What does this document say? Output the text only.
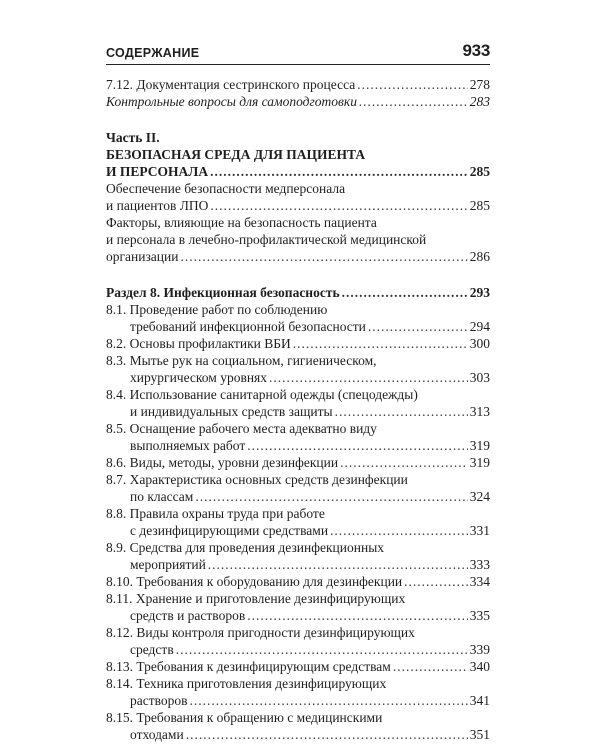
СОДЕРЖАНИЕ	933
7.12. Документация сестринского процесса .....	278
Контрольные вопросы для самоподготовки .....	283
Часть II.
БЕЗОПАСНАЯ СРЕДА ДЛЯ ПАЦИЕНТА
И ПЕРСОНАЛА .....	285
Обеспечение безопасности медперсонала
и пациентов ЛПО .....	285
Факторы, влияющие на безопасность пациента
и персонала в лечебно-профилактической медицинской
организации .....	286
Раздел 8. Инфекционная безопасность .....	293
8.1. Проведение работ по соблюдению
требований инфекционной безопасности .....	294
8.2. Основы профилактики ВБИ .....	300
8.3. Мытье рук на социальном, гигиеническом,
хирургическом уровнях .....	303
8.4. Использование санитарной одежды (спецодежды)
и индивидуальных средств защиты .....	313
8.5. Оснащение рабочего места адекватно виду
выполняемых работ .....	319
8.6. Виды, методы, уровни дезинфекции .....	319
8.7. Характеристика основных средств дезинфекции
по классам .....	324
8.8. Правила охраны труда при работе
с дезинфицирующими средствами .....	331
8.9. Средства для проведения дезинфекционных
мероприятий .....	333
8.10. Требования к оборудованию для дезинфекции .....	334
8.11. Хранение и приготовление дезинфицирующих
средств и растворов .....	335
8.12. Виды контроля пригодности дезинфицирующих
средств .....	339
8.13. Требования к дезинфицирующим средствам .....	340
8.14. Техника приготовления дезинфицирующих
растворов .....	341
8.15. Требования к обращению с медицинскими
отходами .....	351
